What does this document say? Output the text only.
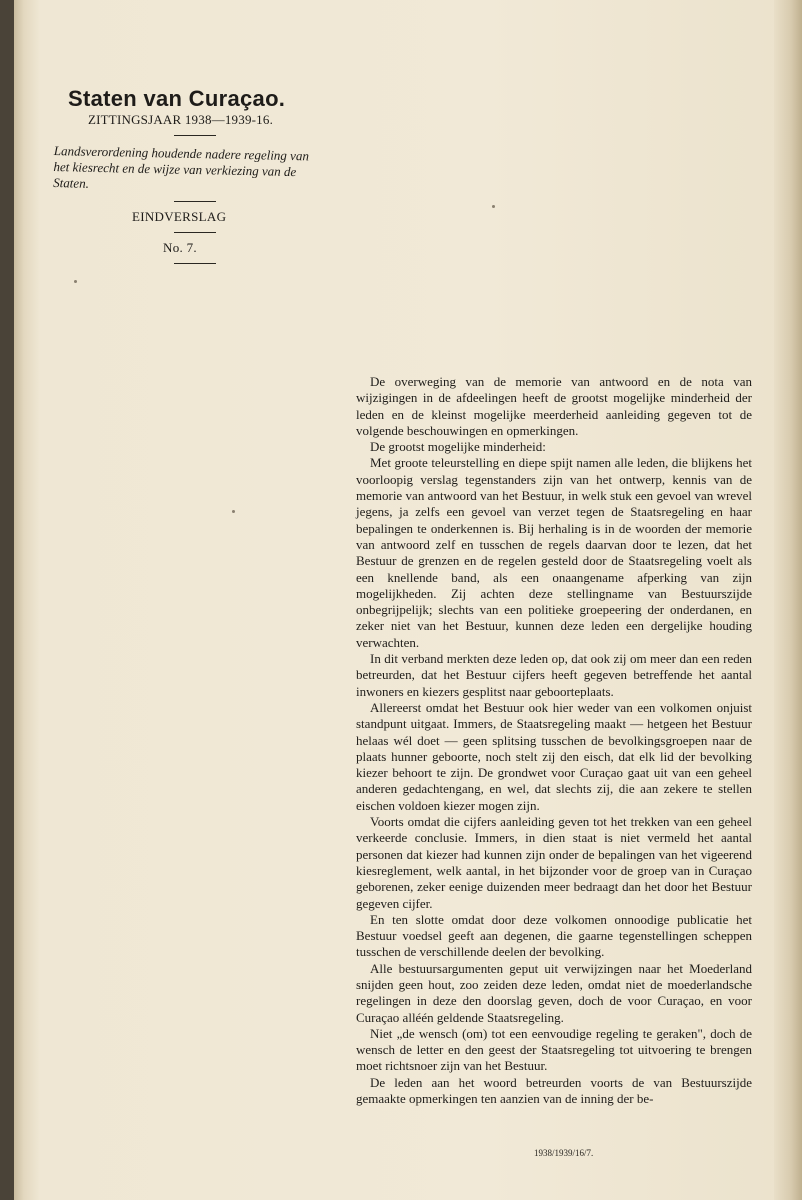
Staten van Curaçao.

ZITTINGSJAAR 1938—1939-16.

Landsverordening houdende nadere regeling van het kiesrecht en de wijze van verkiezing van de Staten.

EINDVERSLAG

No. 7.

De overweging van de memorie van antwoord en de nota van wijzigingen in de afdeelingen heeft de grootst mogelijke minderheid der leden en de kleinst mogelijke meerderheid aanleiding gegeven tot de volgende beschouwingen en opmerkingen.

De grootst mogelijke minderheid:

Met groote teleurstelling en diepe spijt namen alle leden, die blijkens het voorloopig verslag tegenstanders zijn van het ontwerp, kennis van de memorie van antwoord van het Bestuur, in welk stuk een gevoel van wrevel jegens, ja zelfs een gevoel van verzet tegen de Staatsregeling en haar bepalingen te onderkennen is. Bij herhaling is in de woorden der memorie van antwoord zelf en tusschen de regels daarvan door te lezen, dat het Bestuur de grenzen en de regelen gesteld door de Staatsregeling voelt als een knellende band, als een onaangename afperking van zijn mogelijkheden. Zij achten deze stellingname van Bestuurszijde onbegrijpelijk; slechts van een politieke groepeering der onderdanen, en zeker niet van het Bestuur, kunnen deze leden een dergelijke houding verwachten.

In dit verband merkten deze leden op, dat ook zij om meer dan een reden betreurden, dat het Bestuur cijfers heeft gegeven betreffende het aantal inwoners en kiezers gesplitst naar geboorteplaats.

Allereerst omdat het Bestuur ook hier weder van een volkomen onjuist standpunt uitgaat. Immers, de Staatsregeling maakt — hetgeen het Bestuur helaas wél doet — geen splitsing tusschen de bevolkingsgroepen naar de plaats hunner geboorte, noch stelt zij den eisch, dat elk lid der bevolking kiezer behoort te zijn. De grondwet voor Curaçao gaat uit van een geheel anderen gedachtengang, en wel, dat slechts zij, die aan zekere te stellen eischen voldoen kiezer mogen zijn.

Voorts omdat die cijfers aanleiding geven tot het trekken van een geheel verkeerde conclusie. Immers, in dien staat is niet vermeld het aantal personen dat kiezer had kunnen zijn onder de bepalingen van het vigeerend kiesreglement, welk aantal, in het bijzonder voor de groep van in Curaçao geborenen, zeker eenige duizenden meer bedraagt dan het door het Bestuur gegeven cijfer.

En ten slotte omdat door deze volkomen onnoodige publicatie het Bestuur voedsel geeft aan degenen, die gaarne tegenstellingen scheppen tusschen de verschillende deelen der bevolking.

Alle bestuursargumenten geput uit verwijzingen naar het Moederland snijden geen hout, zoo zeiden deze leden, omdat niet de moederlandsche regelingen in deze den doorslag geven, doch de voor Curaçao, en voor Curaçao alléén geldende Staatsregeling.

Niet „de wensch (om) tot een eenvoudige regeling te geraken", doch de wensch de letter en den geest der Staatsregeling tot uitvoering te brengen moet richtsnoer zijn van het Bestuur.

De leden aan het woord betreurden voorts de van Bestuurszijde gemaakte opmerkingen ten aanzien van de inning der be-

1938/1939/16/7.
